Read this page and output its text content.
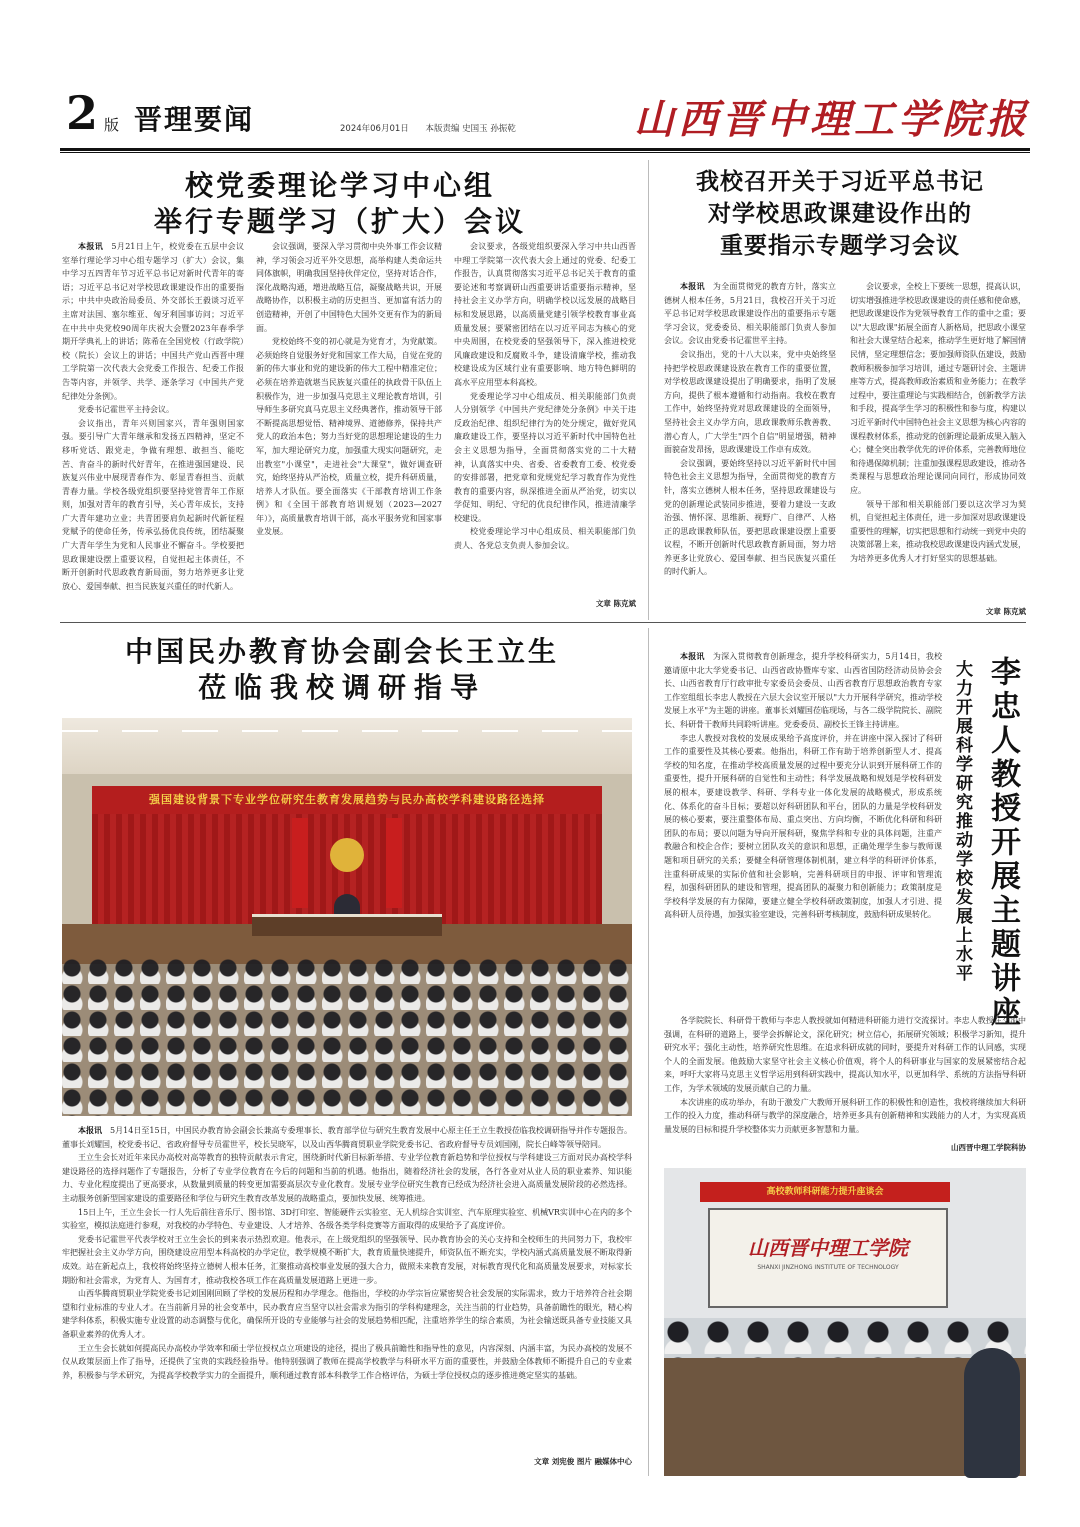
2 版 晋理要闻	2024年06月01日 本版责编 史国玉 孙振乾	山西晋中理工学院报
校党委理论学习中心组
举行专题学习（扩大）会议

本报讯　 5月21日上午，校党委在五层中会议室举行理论学习中心组专题学习（扩大）会议，集中学习五四青年节习近平总书记对新时代青年的寄语；习近平总书记对学校思政课建设作出的重要指示；中共中央政治局委员、外交部长王毅谈习近平主席对法国、塞尔维亚、匈牙利国事访问；习近平在中共中央党校90周年庆祝大会暨2023年春季学期开学典礼上的讲话；陈希在全国党校（行政学院）校（院长）会议上的讲话；中国共产党山西晋中理工学院第一次代表大会党委工作报告、纪委工作报告等内容，并领学、共学、逐条学习《中国共产党纪律处分条例》。

党委书记霍世平主持会议。

会议指出，青年兴则国家兴，青年强则国家强。要引导广大青年继承和发扬五四精神，坚定不移听党话、跟党走，争做有理想、敢担当、能吃苦、肯奋斗的新时代好青年，在推进强国建设、民族复兴伟业中展现青春作为、彰显青春担当、贡献青春力量。学校各级党组织要坚持党管青年工作原则，加强对青年的教育引导，关心青年成长，支持广大青年建功立业；共青团要肩负起新时代新征程党赋予的使命任务，传承弘扬优良传统，团结凝聚广大青年学生为党和人民事业不懈奋斗。学校要把思政课建设摆上重要议程，自觉担起主体责任，不断开创新时代思政教育新局面，努力培养更多让党放心、爱国奉献、担当民族复兴重任的时代新人。

会议强调，要深入学习贯彻中央外事工作会议精神，学习领会习近平外交思想，高举构建人类命运共同体旗帜，明确我国坚持伙伴定位，坚持对话合作，深化战略沟通，增进战略互信，凝聚战略共识，开展战略协作，以积极主动的历史担当、更加富有活力的创造精神，开创了中国特色大国外交更有作为的新局面。

党校始终不变的初心就是为党育才，为党献策。必须始终自觉服务好党和国家工作大局，自觉在党的新的伟大事业和党的建设新的伟大工程中精准定位；必须在培养造就堪当民族复兴重任的执政骨干队伍上积极作为，进一步加强马克思主义理论教育培训，引导师生多研究真马克思主义经典著作，推动领导干部不断提高思想觉悟、精神境界、道德修养，保持共产党人的政治本色；努力当好党的思想理论建设的生力军，加大理论研究力度，加强重大现实问题研究，走出教室"小课堂"，走进社会"大课堂"，做好调查研究，始终坚持从严治校，质量立校，提升科研质量，培养人才队伍。要全面落实《干部教育培训工作条例》和《全国干部教育培训规划（2023—2027年）》，高质量教育培训干部，高水平服务党和国家事业发展。

会议要求，各级党组织要深入学习中共山西晋中理工学院第一次代表大会上通过的党委、纪委工作报告，认真贯彻落实习近平总书记关于教育的重要论述和考察调研山西重要讲话重要指示精神，坚持社会主义办学方向，明确学校以远发展的战略目标和发展思路，以高质量党建引领学校教育事业高质量发展；要紧密团结在以习近平同志为核心的党中央周围，在校党委的坚强领导下，深入推进校党风廉政建设和反腐败斗争，建设清廉学校，推动我校建设成为区域行业有重要影响、地方特色鲜明的高水平应用型本科高校。

党委理论学习中心组成员、相关职能部门负责人分别领学《中国共产党纪律处分条例》中关于违反政治纪律、组织纪律行为的处分规定，做好党风廉政建设工作，要坚持以习近平新时代中国特色社会主义思想为指导，全面贯彻落实党的二十大精神，认真落实中央、省委、省委教育工委、校党委的安排部署，把党章和党规党纪学习教育作为党性教育的重要内容，纵深推进全面从严治党，切实以学促知、明纪、守纪的优良纪律作风，推进清廉学校建设。

校党委理论学习中心组成员、相关职能部门负责人、各党总支负责人参加会议。

文章 陈克斌
我校召开关于习近平总书记
对学校思政课建设作出的
重要指示专题学习会议

本报讯　 为全面贯彻党的教育方针，落实立德树人根本任务，5月21日，我校召开关于习近平总书记对学校思政课建设作出的重要指示专题学习会议，党委委员、相关职能部门负责人参加会议。会议由党委书记霍世平主持。

会议指出，党的十八大以来，党中央始终坚持把学校思政课建设放在教育工作的重要位置，对学校思政课建设提出了明确要求，指明了发展方向，提供了根本遵循和行动指南。我校在教育工作中，始终坚持党对思政课建设的全面领导，坚持社会主义办学方向，思政课教师乐教善教、潜心育人，广大学生"四个自信"明显增强，精神面貌奋发昂扬，思政课建设工作卓有成效。

会议强调，要始终坚持以习近平新时代中国特色社会主义思想为指导，全面贯彻党的教育方针，落实立德树人根本任务，坚持思政课建设与党的创新理论武装同步推进，要着力建设一支政治强、情怀深、思维新、视野广、自律严、人格正的思政课教师队伍，要把思政课建设摆上重要议程，不断开创新时代思政教育新局面，努力培养更多让党放心、爱国奉献、担当民族复兴重任的时代新人。

会议要求，全校上下要统一思想，提高认识，切实增强推进学校思政课建设的责任感和使命感，把思政课建设作为党领导教育工作的重中之重；要以"大思政课"拓展全面育人新格局，把思政小课堂和社会大课堂结合起来，推动学生更好地了解国情民情，坚定理想信念；要加强师资队伍建设，鼓励教师积极参加学习培训，通过专题研讨会、主题讲座等方式，提高教师政治素质和业务能力；在教学过程中，要注重理论与实践相结合，创新教学方法和手段，提高学生学习的积极性和参与度，构建以习近平新时代中国特色社会主义思想为核心内容的课程教材体系，推动党的创新理论最新成果入脑入心；健全突出教学优先的评价体系，完善教师地位和待遇保障机制；注重加强课程思政建设，推动各类课程与思想政治理论课同向同行，形成协同效应。

领导干部和相关职能部门要以这次学习为契机，自觉担起主体责任，进一步加深对思政课建设重要性的理解，切实把思想和行动统一到党中央的决策部署上来，推动我校思政课建设内涵式发展，为培养更多优秀人才打好坚实的思想基础。

文章 陈克斌
中国民办教育协会副会长王立生
莅临我校调研指导
强国建设背景下专业学位研究生教育发展趋势与民办高校学科建设路径选择

本报讯　 5月14日至15日，中国民办教育协会副会长兼高专委理事长、教育部学位与研究生教育发展中心原主任王立生教授莅临我校调研指导并作专题报告。董事长刘耀国，校党委书记、省政府督导专员霍世平，校长吴晓军，以及山西华腾商贸职业学院党委书记、省政府督导专员刘国刚，院长白峰等领导陪同。

王立生会长对近年来民办高校对高等教育的独特贡献表示肯定，围绕新时代新目标新举措、专业学位教育新趋势和学位授权与学科建设三方面对民办高校学科建设路径的选择问题作了专题报告，分析了专业学位教育在今后的问题和当前的机遇。他指出，随着经济社会的发展，各行各业对从业人员的职业素养、知识能力、专业化程度提出了更高要求，从数量到质量的转变更加需要高层次专业化教育。发展专业学位研究生教育已经成为经济社会进入高质量发展阶段的必然选择。主动服务创新型国家建设的重要路径和学位与研究生教育改革发展的战略重点，要加快发展、统筹推进。

15日上午，王立生会长一行人先后前往音乐厅、图书馆、3D打印室、智能硬件云实验室、无人机综合实训室、汽车原理实验室、机械VR实训中心在内的多个实验室，模拟法庭进行参观，对我校的办学特色、专业建设、人才培养、各级各类学科竞赛等方面取得的成果给予了高度评价。

党委书记霍世平代表学校对王立生会长的到来表示热烈欢迎。他表示，在上级党组织的坚强领导、民办教育协会的关心支持和全校师生的共同努力下，我校牢牢把握社会主义办学方向，围绕建设应用型本科高校的办学定位，教学规模不断扩大，教育质量快速提升，师资队伍不断充实，学校内涵式高质量发展不断取得新成效。站在新起点上，我校将始终坚持立德树人根本任务，汇聚推动高校事业发展的强大合力，做照未来教育发展，对标教育现代化和高质量发展要求，对标家长期盼和社会需求，为党育人、为国育才，推动我校各项工作在高质量发展道路上更进一步。

山西华腾商贸职业学院党委书记刘国刚回顾了学校的发展历程和办学理念。他指出，学校的办学宗旨应紧密契合社会发展的实际需求，致力于培养符合社会期望和行业标准的专业人才。在当前新月异的社会变革中，民办教育应当坚守以社会需求为指引的学科构建理念，关注当前的行业趋势，具备前瞻性的眼光，精心构建学科体系，积极实施专业设置的动态调整与优化，确保所开设的专业能够与社会的发展趋势相匹配，注重培养学生的综合素质，为社会输送既具备专业技能又具备职业素养的优秀人才。

王立生会长就如何提高民办高校办学效率和硕士学位授权点立项建设的途径，提出了极具前瞻性和指导性的意见，内容深刻、内涵丰富，为民办高校的发展不仅从政策层面上作了指导，还提供了宝贵的实践经验指导。他特别强调了教师在提高学校教学与科研水平方面的重要性，并鼓励全体教师不断提升自己的专业素养，积极参与学术研究，为提高学校教学实力的全面提升，顺利通过教育部本科教学工作合格评估，为硕士学位授权点的逐步推进奠定坚实的基础。

文章 刘宪俊 图片 融媒体中心
李忠人教授开展主题讲座
大力开展科学研究推动学校发展上水平

本报讯　 为深入贯彻教育创新理念，提升学校科研实力，5月14日，我校邀请原中北大学党委书记、山西省政协暨库专家、山西省国防经济动员协会会长、山西省教育厅行政审批专家委员会委员、山西省教育厅思想政治教育专家工作室组组长李忠人教授在六层大会议室开展以"大力开展科学研究，推动学校发展上水平"为主题的讲座。董事长刘耀国莅临现场，与各二级学院院长、副院长、科研骨干教师共同聆听讲座。党委委员、副校长王锋主持讲座。

李忠人教授对我校的发展成果给予高度评价，并在讲座中深入探讨了科研工作的重要性及其核心要素。他指出，科研工作有助于培养创新型人才、提高学校的知名度，在推动学校高质量发展的过程中要充分认识到开展科研工作的重要性，提升开展科研的自觉性和主动性；科学发展战略和规划是学校科研发展的根本，要建设教学、科研、学科专业一体化发展的战略模式，形成系统化、体系化的奋斗目标；要超以好科研团队和平台，团队的力量是学校科研发展的核心要素，要注重整体布局、重点突出、方向均衡，不断优化科研和科研团队的布局；要以问题为导向开展科研，聚焦学科和专业的具体问题，注重产教融合和校企合作；要树立团队攻关的意识和思想，正确处理学生参与教师课题和项目研究的关系；要健全科研管理体制机制，建立科学的科研评价体系，注重科研成果的实际价值和社会影响，完善科研项目的申报、评审和管理流程，加强科研团队的建设和管理，提高团队的凝聚力和创新能力；政策制度是学校科学发展的有力保障，要建立健全学校科研政策制度，加强人才引进、提高科研人员待遇，加强实验室建设，完善科研考核制度，鼓励科研成果转化。

各学院院长、科研骨干教师与李忠人教授就如何精进科研能力进行交流探讨。李忠人教授在交流中强调，在科研的道路上，要学会拆解论文，深化研究；树立信心，拓展研究领域；积极学习新知，提升研究水平；强化主动性，培养研究性思维。在追求科研成就的同时，要提升对科研工作的认同感，实现个人的全面发展。他鼓励大家坚守社会主义核心价值观，将个人的科研事业与国家的发展紧密结合起来，呼吁大家将马克思主义哲学运用到科研实践中，提高认知水平，以更加科学、系统的方法指导科研工作，为学术领域的发展贡献自己的力量。

本次讲座的成功举办，有助于激发广大教师开展科研工作的积极性和创造性，我校将继续加大科研工作的投入力度，推动科研与教学的深度融合，培养更多具有创新精神和实践能力的人才，为实现高质量发展的目标和提升学校整体实力贡献更多智慧和力量。

山西晋中理工学院科协
高校教师科研能力提升座谈会
山西晋中理工学院
SHANXI JINZHONG INSTITUTE OF TECHNOLOGY
